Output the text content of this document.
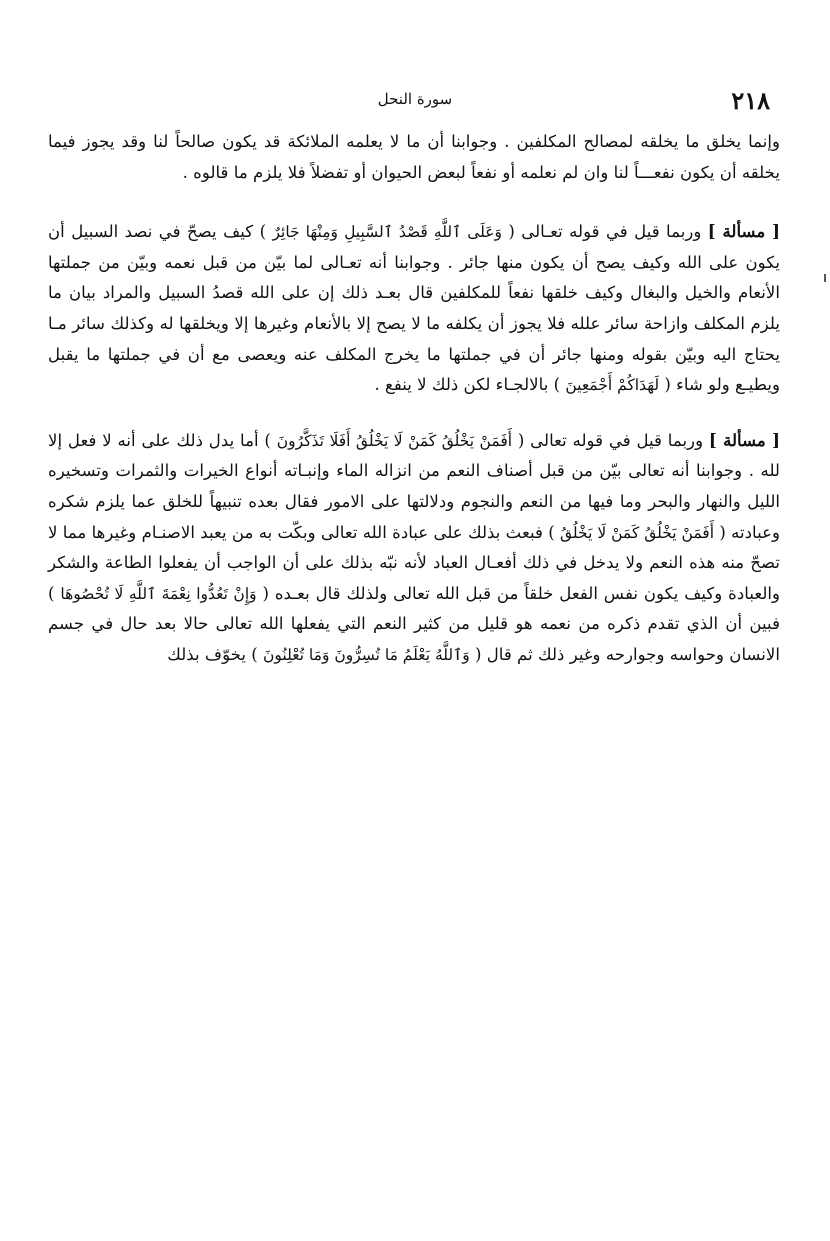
٢١٨
سورة النحل

وإنما يخلق ما يخلقه لمصالح المكلفين . وجوابنا أن ما لا يعلمه الملائكة قد يكون صالحاً لنا وقد يجوز فيما يخلقه أن يكون نفعـــاً لنا وان لم نعلمه أو نفعاً لبعض الحيوان أو تفضلاً فلا يلزم ما قالوه .

[ مسألة ] وربما قيل في قوله تعـالى ( وَعَلَى ٱللَّهِ قَصْدُ ٱلسَّبِيلِ وَمِنْهَا جَائِرٌ ) كيف يصحّ في نصد السبيل أن يكون على الله وكيف يصح أن يكون منها جائر . وجوابنا أنه تعـالى لما بيّن من قبل نعمه وبيّن من جملتها الأنعام والخيل والبغال وكيف خلقها نفعاً للمكلفين قال بعـد ذلك إن على الله قصدُ السبيل والمراد بيان ما يلزم المكلف وازاحة سائر علله فلا يجوز أن يكلفه ما لا يصح إلا بالأنعام وغيرها إلا ويخلقها له وكذلك سائر مـا يحتاج اليه وبيّن بقوله ومنها جائر أن في جملتها ما يخرج المكلف عنه ويعصى مع أن في جملتها ما يقبل ويطيـع ولو شاء ( لَهَدَاكُمْ أَجْمَعِينَ ) بالالجـاء لكن ذلك لا ينفع .

[ مسألة ] وربما قيل في قوله تعالى ( أَفَمَنْ يَخْلُقُ كَمَنْ لَا يَخْلُقُ أَفَلَا تَذَكَّرُونَ ) أما يدل ذلك على أنه لا فعل إلا لله . وجوابنا أنه تعالى بيّن من قبل أصناف النعم من انزاله الماء وإنبـاته أنواع الخيرات والثمرات وتسخيره الليل والنهار والبحر وما فيها من النعم والنجوم ودلالتها على الامور فقال بعده تنبيهاً للخلق عما يلزم شكره وعبادته ( أَفَمَنْ يَخْلُقُ كَمَنْ لَا يَخْلُقُ ) فبعث بذلك على عبادة الله تعالى وبكّت به من يعبد الاصنـام وغيرها مما لا تصحّ منه هذه النعم ولا يدخل في ذلك أفعـال العباد لأنه نبّه بذلك على أن الواجب أن يفعلوا الطاعة والشكر والعبادة وكيف يكون نفس الفعل خلقاً من قبل الله تعالى ولذلك قال بعـده ( وَإِنْ تَعُدُّوا نِعْمَةَ ٱللَّهِ لَا تُحْصُوهَا ) فبين أن الذي تقدم ذكره من نعمه هو قليل من كثير النعم التي يفعلها الله تعالى حالا بعد حال في جسم الانسان وحواسه وجوارحه وغير ذلك ثم قال ( وَٱللَّهُ يَعْلَمُ مَا تُسِرُّونَ وَمَا تُعْلِنُونَ ) يخوّف بذلك
